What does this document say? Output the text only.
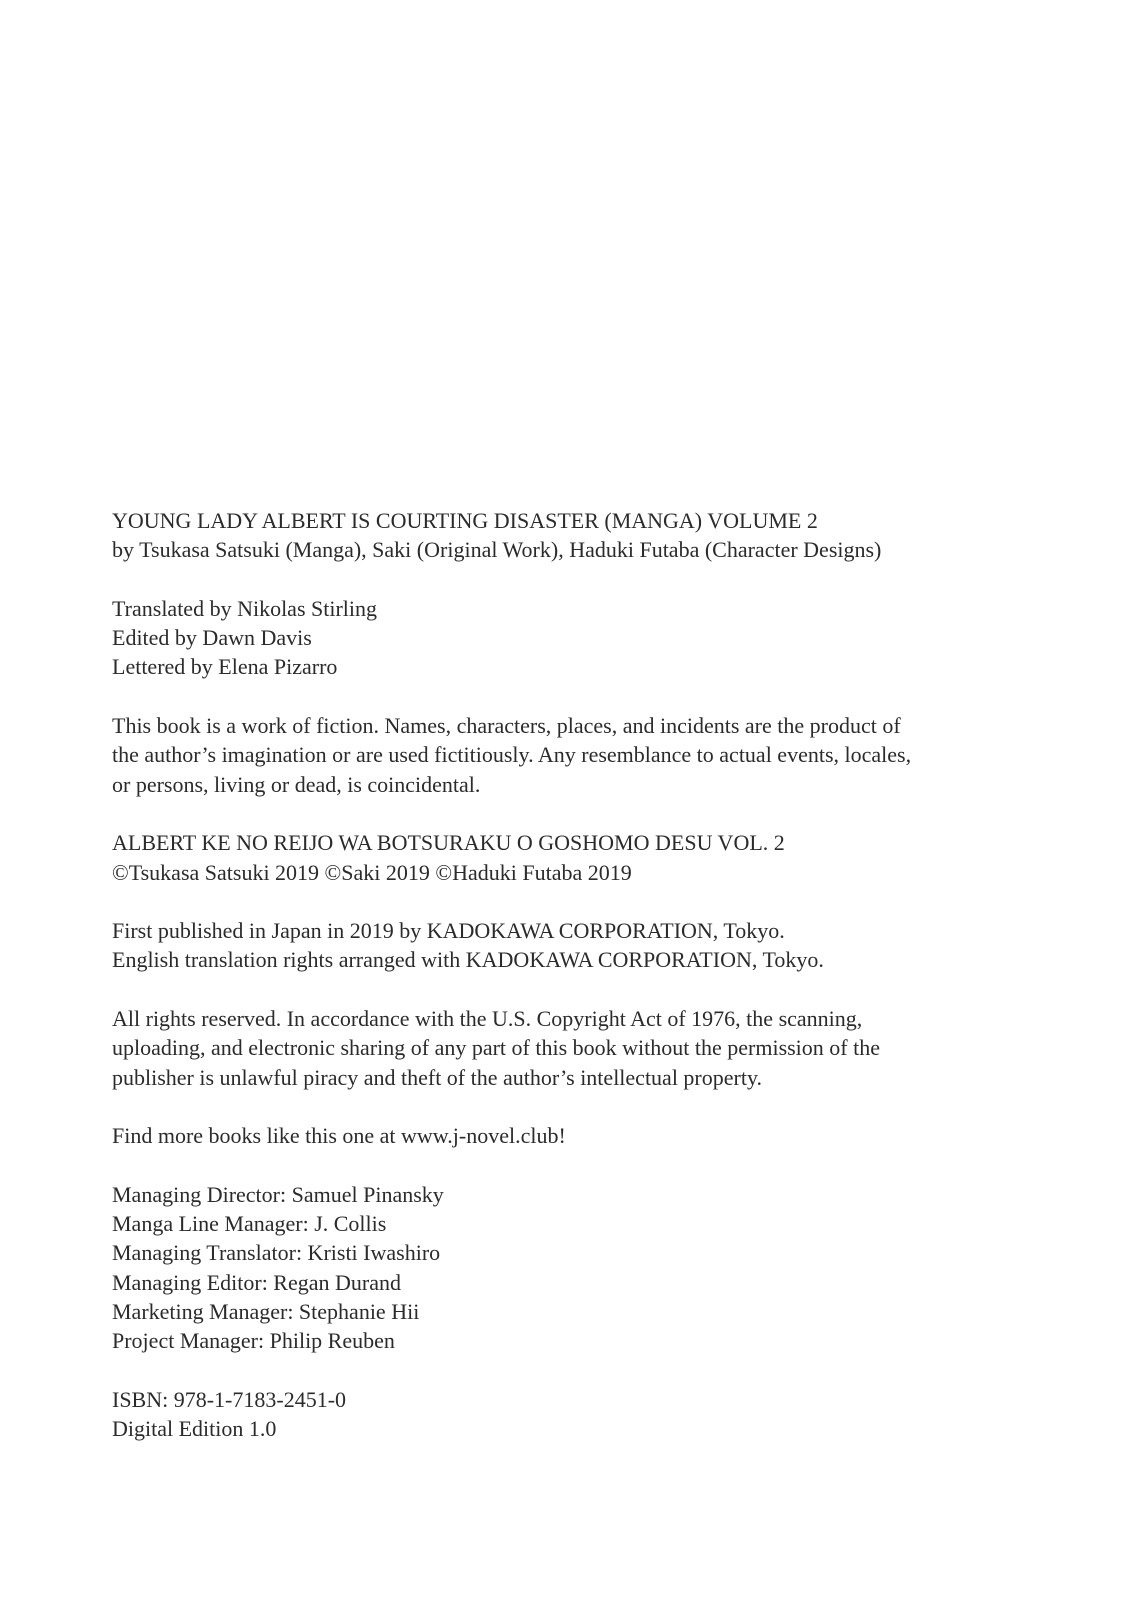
YOUNG LADY ALBERT IS COURTING DISASTER (MANGA) VOLUME 2
by Tsukasa Satsuki (Manga), Saki (Original Work), Haduki Futaba (Character Designs)

Translated by Nikolas Stirling
Edited by Dawn Davis
Lettered by Elena Pizarro

This book is a work of fiction. Names, characters, places, and incidents are the product of
the author’s imagination or are used fictitiously. Any resemblance to actual events, locales,
or persons, living or dead, is coincidental.

ALBERT KE NO REIJO WA BOTSURAKU O GOSHOMO DESU VOL. 2
©Tsukasa Satsuki 2019 ©Saki 2019 ©Haduki Futaba 2019

First published in Japan in 2019 by KADOKAWA CORPORATION, Tokyo.
English translation rights arranged with KADOKAWA CORPORATION, Tokyo.

All rights reserved. In accordance with the U.S. Copyright Act of 1976, the scanning,
uploading, and electronic sharing of any part of this book without the permission of the
publisher is unlawful piracy and theft of the author’s intellectual property.

Find more books like this one at www.j-novel.club!

Managing Director: Samuel Pinansky
Manga Line Manager: J. Collis
Managing Translator: Kristi Iwashiro
Managing Editor: Regan Durand
Marketing Manager: Stephanie Hii
Project Manager: Philip Reuben

ISBN: 978-1-7183-2451-0
Digital Edition 1.0
